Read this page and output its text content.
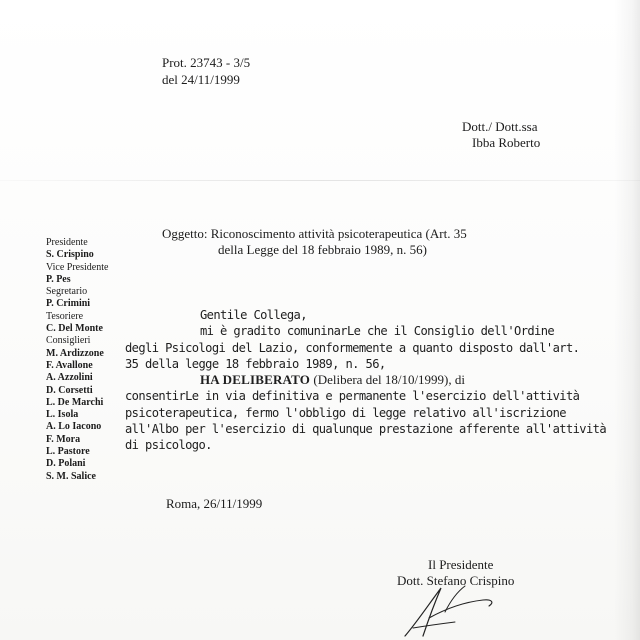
Prot. 23743 - 3/5
del 24/11/1999
Dott./ Dott.ssa
Ibba Roberto
Presidente
S. Crispino
Vice Presidente
P. Pes
Segretario
P. Crimini
Tesoriere
C. Del Monte
Consiglieri
M. Ardizzone
F. Avallone
A. Azzolini
D. Corsetti
L. De Marchi
L. Isola
A. Lo Iacono
F. Mora
L. Pastore
D. Polani
S. M. Salice
Oggetto: Riconoscimento attività psicoterapeutica (Art. 35
della Legge del 18 febbraio 1989, n. 56)
Gentile Collega,
mi è gradito comuninarLe che il Consiglio dell'Ordine
degli Psicologi del Lazio, conformemente a quanto disposto dall'art.
35 della legge 18 febbraio 1989, n. 56,
HA DELIBERATO (Delibera del 18/10/1999), di
consentirLe in via definitiva e permanente l'esercizio dell'attività
psicoterapeutica, fermo l'obbligo di legge relativo all'iscrizione
all'Albo per l'esercizio di qualunque prestazione afferente all'attività
di psicologo.
Roma, 26/11/1999
Il Presidente
Dott. Stefano Crispino
